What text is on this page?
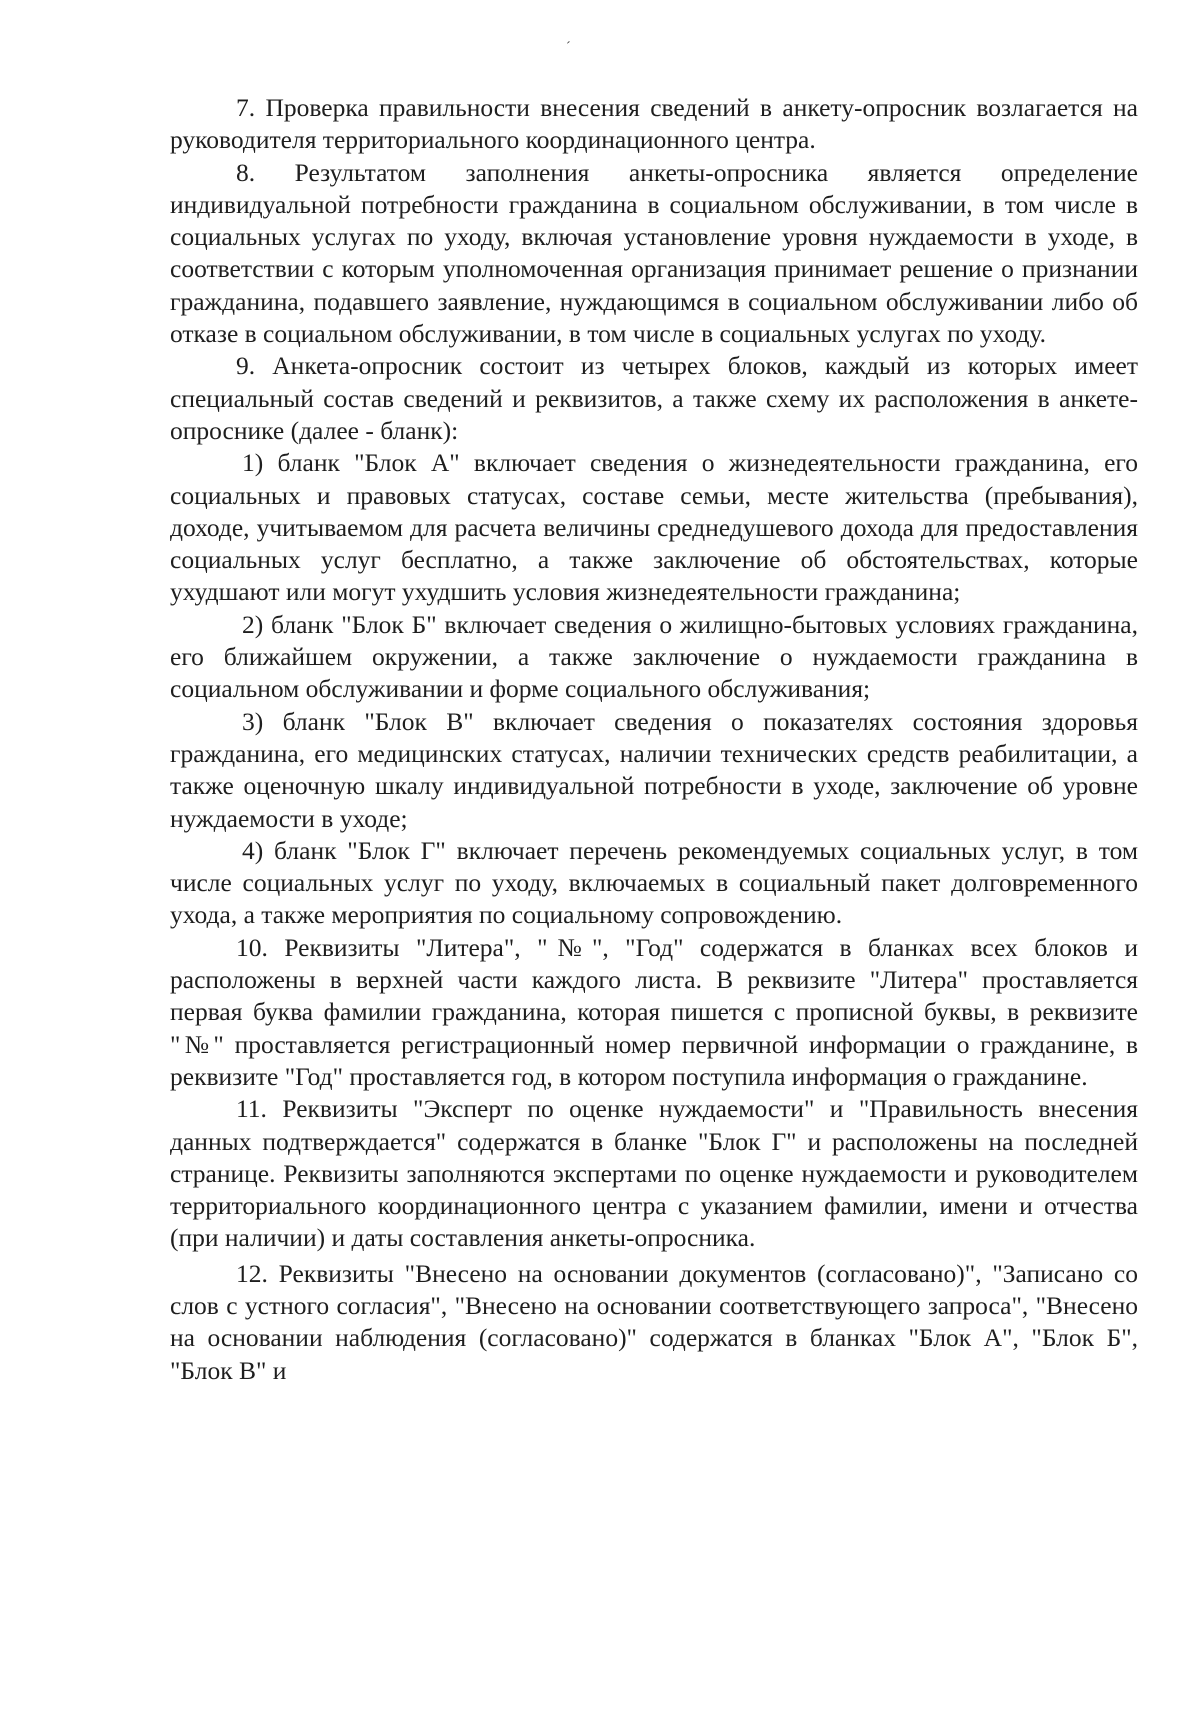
ˊ

7. Проверка правильности внесения сведений в анкету-опросник возлагается на руководителя территориального координационного центра.

8. Результатом заполнения анкеты-опросника является определение индивидуальной потребности гражданина в социальном обслуживании, в том числе в социальных услугах по уходу, включая установление уровня нуждаемости в уходе, в соответствии с которым уполномоченная организация принимает решение о признании гражданина, подавшего заявление, нуждающимся в социальном обслуживании либо об отказе в социальном обслуживании, в том числе в социальных услугах по уходу.

9. Анкета-опросник состоит из четырех блоков, каждый из которых имеет специальный состав сведений и реквизитов, а также схему их расположения в анкете-опроснике (далее - бланк):

1) бланк "Блок А" включает сведения о жизнедеятельности гражданина, его социальных и правовых статусах, составе семьи, месте жительства (пребывания), доходе, учитываемом для расчета величины среднедушевого дохода для предоставления социальных услуг бесплатно, а также заключение об обстоятельствах, которые ухудшают или могут ухудшить условия жизнедеятельности гражданина;

2) бланк "Блок Б" включает сведения о жилищно-бытовых условиях гражданина, его ближайшем окружении, а также заключение о нуждаемости гражданина в социальном обслуживании и форме социального обслуживания;

3) бланк "Блок В" включает сведения о показателях состояния здоровья гражданина, его медицинских статусах, наличии технических средств реабилитации, а также оценочную шкалу индивидуальной потребности в уходе, заключение об уровне нуждаемости в уходе;

4) бланк "Блок Г" включает перечень рекомендуемых социальных услуг, в том числе социальных услуг по уходу, включаемых в социальный пакет долговременного ухода, а также мероприятия по социальному сопровождению.

10. Реквизиты "Литера", "№", "Год" содержатся в бланках всех блоков и расположены в верхней части каждого листа. В реквизите "Литера" проставляется первая буква фамилии гражданина, которая пишется с прописной буквы, в реквизите "№" проставляется регистрационный номер первичной информации о гражданине, в реквизите "Год" проставляется год, в котором поступила информация о гражданине.

11. Реквизиты "Эксперт по оценке нуждаемости" и "Правильность внесения данных подтверждается" содержатся в бланке "Блок Г" и расположены на последней странице. Реквизиты заполняются экспертами по оценке нуждаемости и руководителем территориального координационного центра с указанием фамилии, имени и отчества (при наличии) и даты составления анкеты-опросника.

12. Реквизиты "Внесено на основании документов (согласовано)", "Записано со слов с устного согласия", "Внесено на основании соответствующего запроса", "Внесено на основании наблюдения (согласовано)" содержатся в бланках "Блок А", "Блок Б", "Блок В" и
